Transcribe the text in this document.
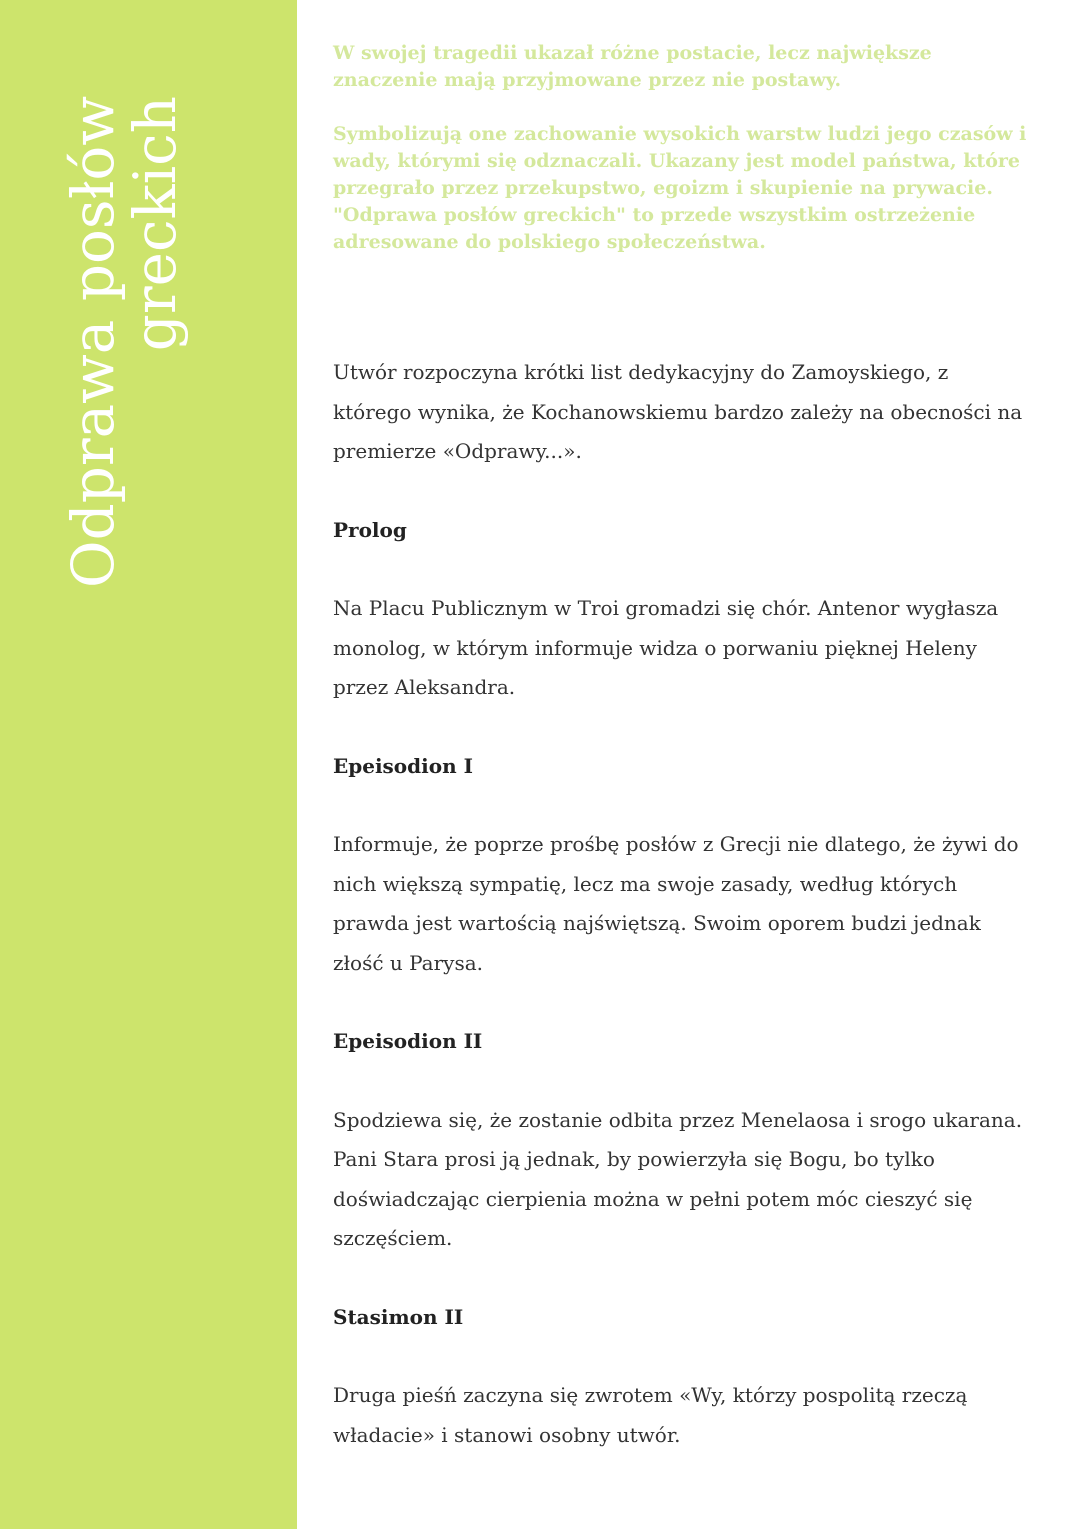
Odprawa posłów
greckich

W swojej tragedii ukazał różne postacie, lecz największe znaczenie mają przyjmowane przez nie postawy.

Symbolizują one zachowanie wysokich warstw ludzi jego czasów i wady, którymi się odznaczali. Ukazany jest model państwa, które przegrało przez przekupstwo, egoizm i skupienie na prywacie. "Odprawa posłów greckich" to przede wszystkim ostrzeżenie adresowane do polskiego społeczeństwa.

Utwór rozpoczyna krótki list dedykacyjny do Zamoyskiego, z którego wynika, że Kochanowskiemu bardzo zależy na obecności na premierze «Odprawy...».

Prolog

Na Placu Publicznym w Troi gromadzi się chór. Antenor wygłasza monolog, w którym informuje widza o porwaniu pięknej Heleny przez Aleksandra.

Epeisodion I

Informuje, że poprze prośbę posłów z Grecji nie dlatego, że żywi do nich większą sympatię, lecz ma swoje zasady, według których prawda jest wartością najświętszą. Swoim oporem budzi jednak złość u Parysa.

Epeisodion II

Spodziewa się, że zostanie odbita przez Menelaosa i srogo ukarana. Pani Stara prosi ją jednak, by powierzyła się Bogu, bo tylko doświadczając cierpienia można w pełni potem móc cieszyć się szczęściem.

Stasimon II

Druga pieśń zaczyna się zwrotem «Wy, którzy pospolitą rzeczą władacie» i stanowi osobny utwór.
